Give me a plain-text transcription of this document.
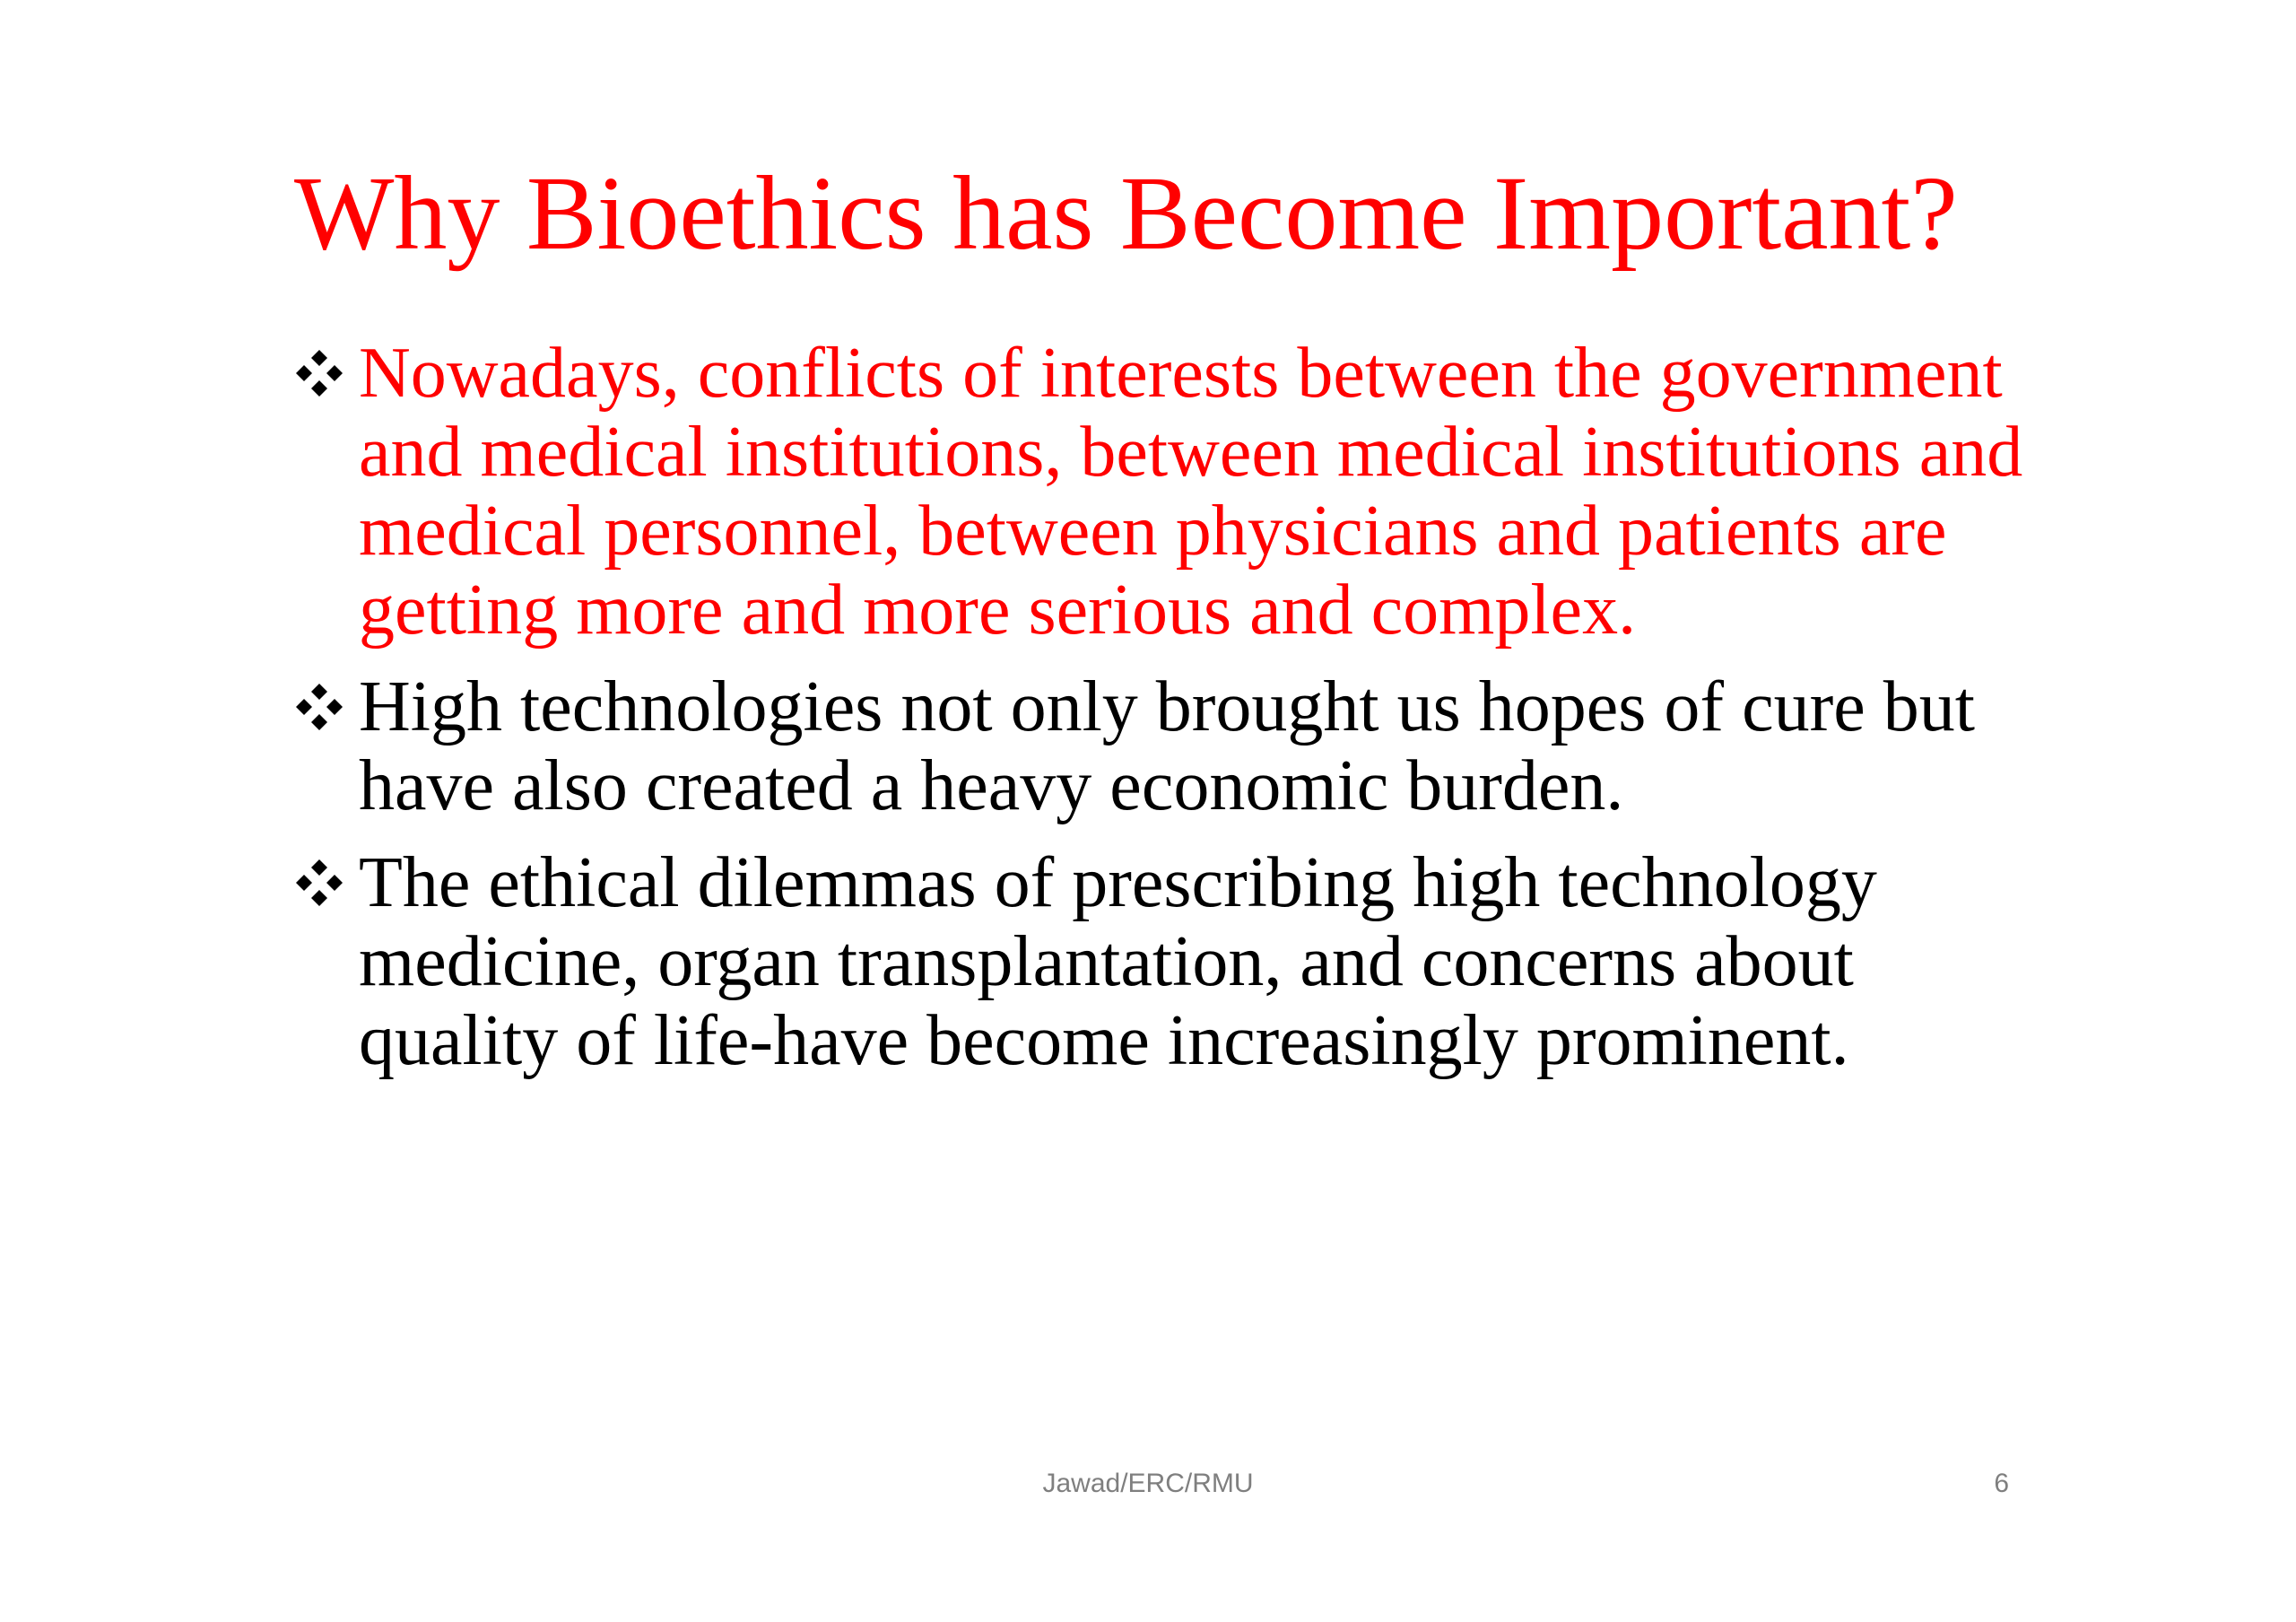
Why Bioethics has Become Important?
Nowadays, conflicts of interests between the government and medical institutions, between medical institutions and medical personnel, between physicians and patients are getting more and more serious and complex.
High technologies not only brought us hopes of cure but have also created a heavy economic burden.
The ethical dilemmas of prescribing high technology medicine, organ transplantation, and concerns about quality of life-have become increasingly prominent.
Jawad/ERC/RMU	6
